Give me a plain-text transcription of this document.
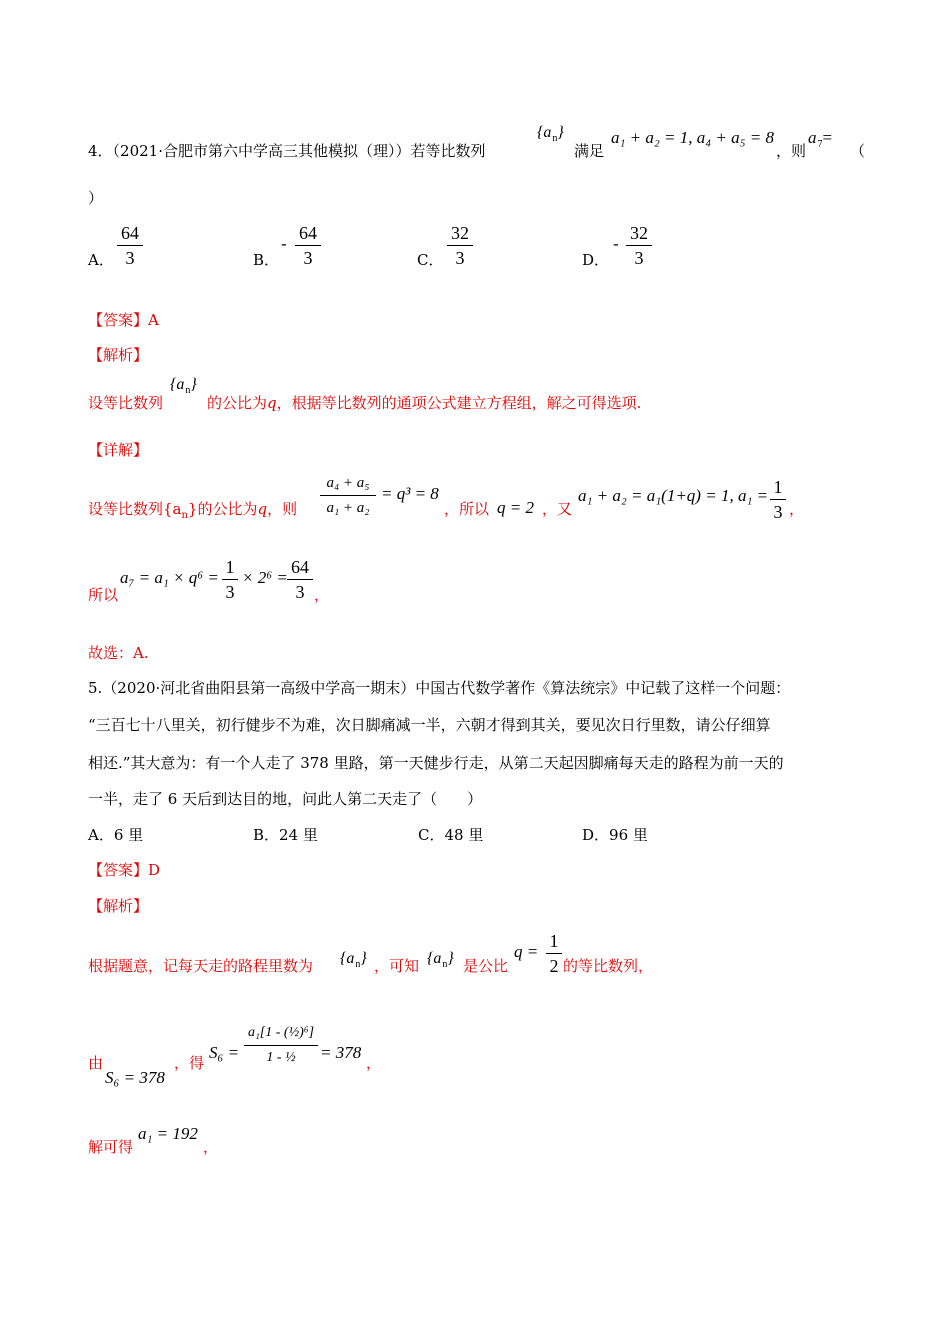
4．（2021·合肥市第六中学高三其他模拟（理））若等比数列
$\{a_n\}$
满足
a₁ + a₂ = 1, a₄ + a₅ = 8
，则
$a_7=$
（
）
A．
64
3	B．
-
64
3	C．
32
3	D．
-
32
3
【答案】A
【解析】
设等比数列
$\{a_n\}$
的公比为q，根据等比数列的通项公式建立方程组，解之可得选项.
【详解】
设等比数列$\{a_n\}$的公比为q，则
a₄ + a₅
a₁ + a₂
= q³ = 8
，所以 q = 2 ，又
a₁ + a₂ = a₁(1+q) = 1, a₁ = 1
3 ，
所以
a₇ = a₁ × q⁶ =
1
3
× 2⁶ =
64
3 ，
故选：A.
5.（2020·河北省曲阳县第一高级中学高一期末）中国古代数学著作《算法统宗》中记载了这样一个问题：
“三百七十八里关，初行健步不为难，次日脚痛减一半，六朝才得到其关，要见次日行里数，请公仔细算
相还.”其大意为：有一个人走了 378 里路，第一天健步行走，从第二天起因脚痛每天走的路程为前一天的
一半，走了 6 天后到达目的地，问此人第二天走了（　　）
A．6 里	B．24 里	C．48 里	D．96 里
【答案】D
【解析】
根据题意，记每天走的路程里数为 $\{a_n\}$ ，可知 $\{a_n\}$ 是公比
q =
1
2 的等比数列，
由
S₆ = 378
，得
S₆ =
a₁[1 - (½)⁶]
1 - ½	= 378
，
解可得
a₁ = 192
，
